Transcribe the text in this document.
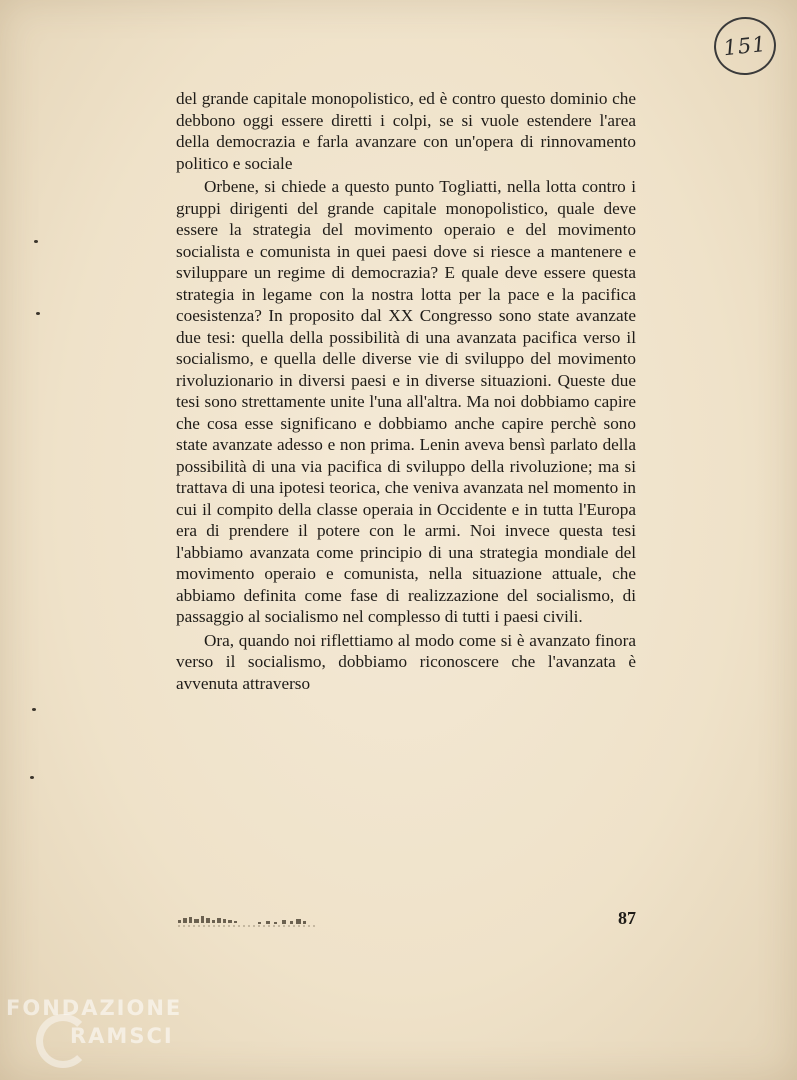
151

del grande capitale monopolistico, ed è contro questo dominio che debbono oggi essere diretti i colpi, se si vuole estendere l'area della democrazia e farla avanzare con un'opera di rinnovamento politico e sociale

Orbene, si chiede a questo punto Togliatti, nella lotta contro i gruppi dirigenti del grande capitale monopolistico, quale deve essere la strategia del movimento operaio e del movimento socialista e comunista in quei paesi dove si riesce a mantenere e sviluppare un regime di democrazia? E quale deve essere questa strategia in legame con la nostra lotta per la pace e la pacifica coesistenza? In proposito dal XX Congresso sono state avanzate due tesi: quella della possibilità di una avanzata pacifica verso il socialismo, e quella delle diverse vie di sviluppo del movimento rivoluzionario in diversi paesi e in diverse situazioni. Queste due tesi sono strettamente unite l'una all'altra. Ma noi dobbiamo capire che cosa esse significano e dobbiamo anche capire perchè sono state avanzate adesso e non prima. Lenin aveva bensì parlato della possibilità di una via pacifica di sviluppo della rivoluzione; ma si trattava di una ipotesi teorica, che veniva avanzata nel momento in cui il compito della classe operaia in Occidente e in tutta l'Europa era di prendere il potere con le armi. Noi invece questa tesi l'abbiamo avanzata come principio di una strategia mondiale del movimento operaio e comunista, nella situazione attuale, che abbiamo definita come fase di realizzazione del socialismo, di passaggio al socialismo nel complesso di tutti i paesi civili.

Ora, quando noi riflettiamo al modo come si è avanzato finora verso il socialismo, dobbiamo riconoscere che l'avanzata è avvenuta attraverso

87
FONDAZIONE
RAMSCI
